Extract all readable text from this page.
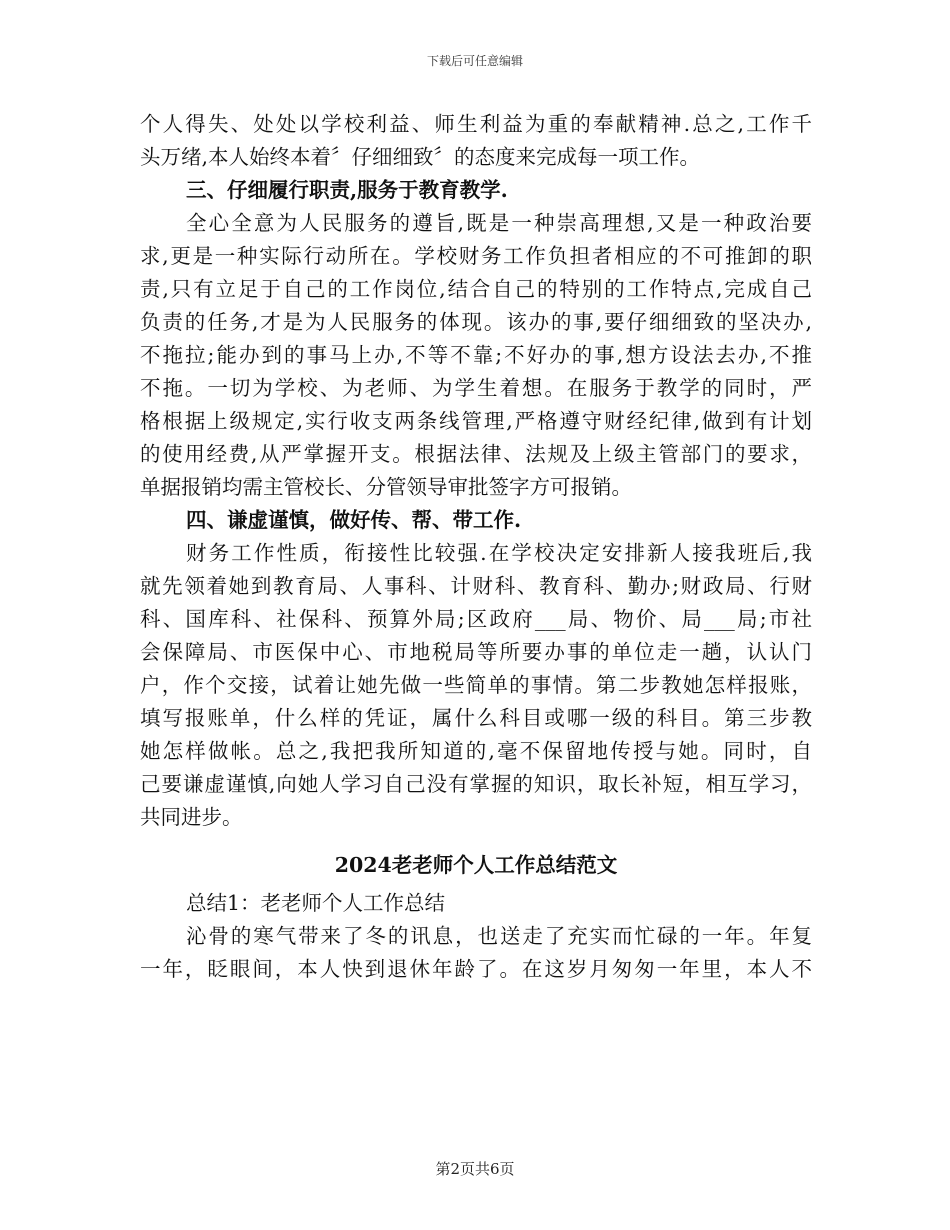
下载后可任意编辑
个人得失、处处以学校利益、师生利益为重的奉献精神.总之,工作千
头万绪,本人始终本着〞仔细细致〞的态度来完成每一项工作。
三、仔细履行职责,服务于教育教学.
全心全意为人民服务的遵旨,既是一种崇高理想,又是一种政治要
求,更是一种实际行动所在。学校财务工作负担者相应的不可推卸的职
责,只有立足于自己的工作岗位,结合自己的特别的工作特点,完成自己
负责的任务,才是为人民服务的体现。该办的事,要仔细细致的坚决办,
不拖拉;能办到的事马上办,不等不靠;不好办的事,想方设法去办,不推
不拖。一切为学校、为老师、为学生着想。在服务于教学的同时，严
格根据上级规定,实行收支两条线管理,严格遵守财经纪律,做到有计划
的使用经费,从严掌握开支。根据法律、法规及上级主管部门的要求，
单据报销均需主管校长、分管领导审批签字方可报销。
四、谦虚谨慎，做好传、帮、带工作.
财务工作性质，衔接性比较强.在学校决定安排新人接我班后,我
就先领着她到教育局、人事科、计财科、教育科、勤办;财政局、行财
科、国库科、社保科、预算外局;区政府___局、物价、局___局;市社
会保障局、市医保中心、市地税局等所要办事的单位走一趟，认认门
户，作个交接，试着让她先做一些简单的事情。第二步教她怎样报账，
填写报账单，什么样的凭证，属什么科目或哪一级的科目。第三步教
她怎样做帐。总之,我把我所知道的,毫不保留地传授与她。同时，自
己要谦虚谨慎,向她人学习自己没有掌握的知识，取长补短，相互学习，
共同进步。
2024老老师个人工作总结范文
总结1：老老师个人工作总结
沁骨的寒气带来了冬的讯息，也送走了充实而忙碌的一年。年复
一年，眨眼间，本人快到退休年龄了。在这岁月匆匆一年里，本人不
第2页共6页
